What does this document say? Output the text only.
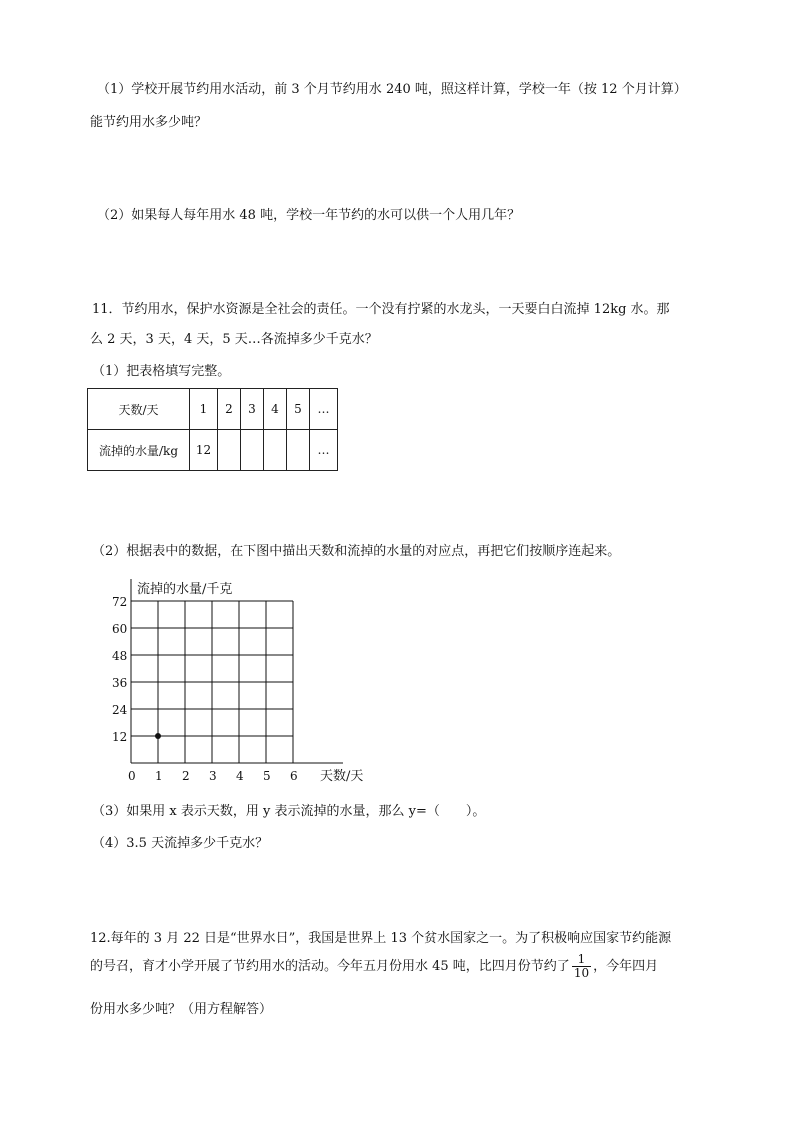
（1）学校开展节约用水活动，前 3 个月节约用水 240 吨，照这样计算，学校一年（按 12 个月计算）
能节约用水多少吨？
（2）如果每人每年用水 48 吨，学校一年节约的水可以供一个人用几年？
11．节约用水，保护水资源是全社会的责任。一个没有拧紧的水龙头，一天要白白流掉 12kg 水。那
么 2 天，3 天，4 天，5 天…各流掉多少千克水？
（1）把表格填写完整。
天数/天	1	2	3	4	5	…
流掉的水量/kg	12					…
（2）根据表中的数据，在下图中描出天数和流掉的水量的对应点，再把它们按顺序连起来。
流掉的水量/千克
天数/天
0 1 2 3 4 5 6
12
24
36
48
60
72
（3）如果用 x 表示天数，用 y 表示流掉的水量，那么 y=（　　）。
（4）3.5 天流掉多少千克水？
12.每年的 3 月 22 日是“世界水日”，我国是世界上 13 个贫水国家之一。为了积极响应国家节约能源
的号召，育才小学开展了节约用水的活动。今年五月份用水 45 吨，比四月份节约了 $\frac{1}{10}$ ，今年四月
份用水多少吨？（用方程解答）
